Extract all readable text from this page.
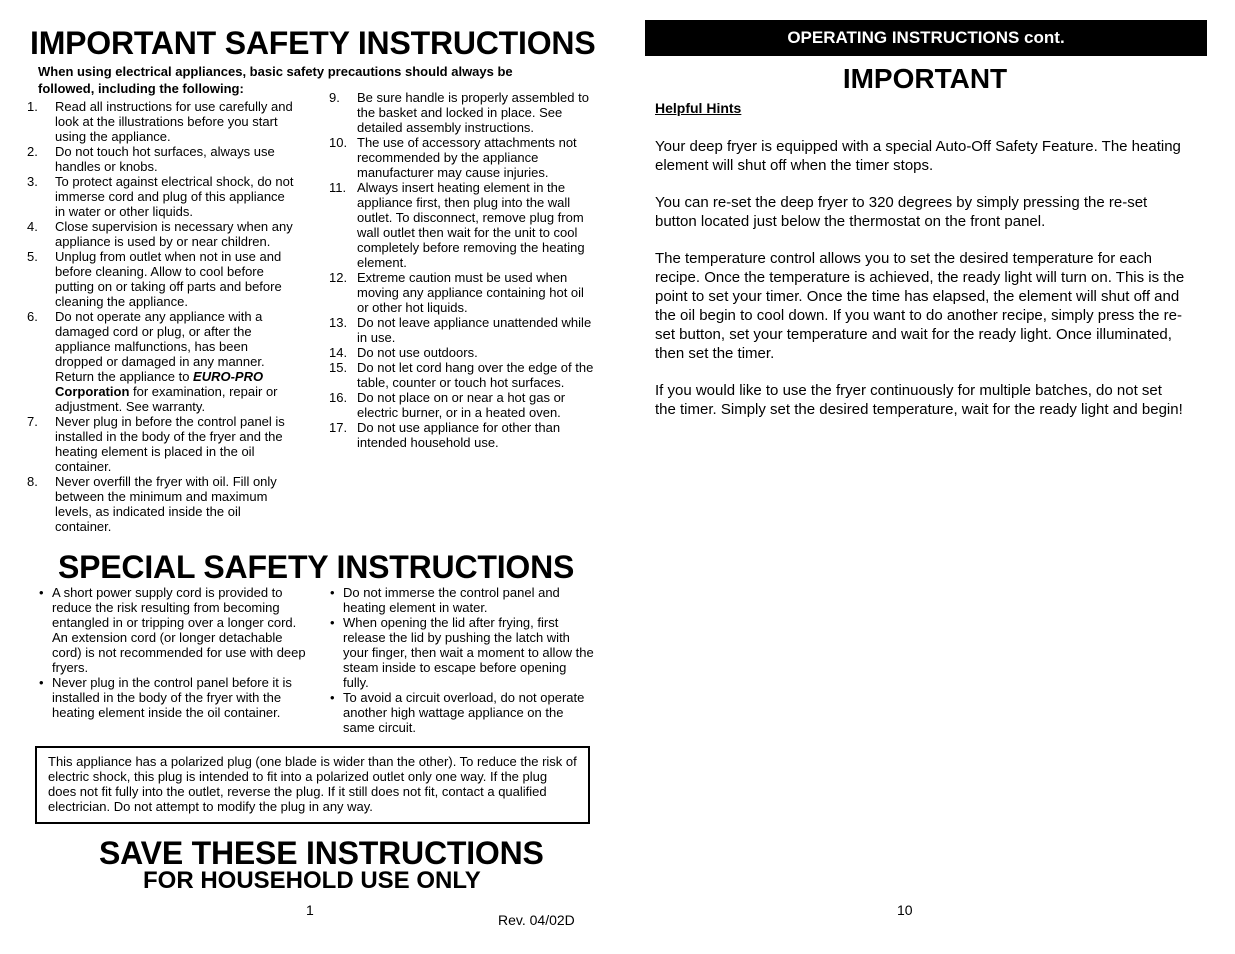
IMPORTANT SAFETY INSTRUCTIONS
When using electrical appliances, basic safety precautions should always be followed, including the following:
1. Read all instructions for use carefully and look at the illustrations before you start using the appliance.
2. Do not touch hot surfaces, always use handles or knobs.
3. To protect against electrical shock, do not immerse cord and plug of this appliance in water or other liquids.
4. Close supervision is necessary when any appliance is used by or near children.
5. Unplug from outlet when not in use and before cleaning. Allow to cool before putting on or taking off parts and before cleaning the appliance.
6. Do not operate any appliance with a damaged cord or plug, or after the appliance malfunctions, has been dropped or damaged in any manner. Return the appliance to EURO-PRO Corporation for examination, repair or adjustment. See warranty.
7. Never plug in before the control panel is installed in the body of the fryer and the heating element is placed in the oil container.
8. Never overfill the fryer with oil. Fill only between the minimum and maximum levels, as indicated inside the oil container.
9. Be sure handle is properly assembled to the basket and locked in place. See detailed assembly instructions.
10. The use of accessory attachments not recommended by the appliance manufacturer may cause injuries.
11. Always insert heating element in the appliance first, then plug into the wall outlet. To disconnect, remove plug from wall outlet then wait for the unit to cool completely before removing the heating element.
12. Extreme caution must be used when moving any appliance containing hot oil or other hot liquids.
13. Do not leave appliance unattended while in use.
14. Do not use outdoors.
15. Do not let cord hang over the edge of the table, counter or touch hot surfaces.
16. Do not place on or near a hot gas or electric burner, or in a heated oven.
17. Do not use appliance for other than intended household use.
SPECIAL SAFETY INSTRUCTIONS
• A short power supply cord is provided to reduce the risk resulting from becoming entangled in or tripping over a longer cord. An extension cord (or longer detachable cord) is not recommended for use with deep fryers.
• Never plug in the control panel before it is installed in the body of the fryer with the heating element inside the oil container.
• Do not immerse the control panel and heating element in water.
• When opening the lid after frying, first release the lid by pushing the latch with your finger, then wait a moment to allow the steam inside to escape before opening fully.
• To avoid a circuit overload, do not operate another high wattage appliance on the same circuit.
This appliance has a polarized plug (one blade is wider than the other). To reduce the risk of electric shock, this plug is intended to fit into a polarized outlet only one way. If the plug does not fit fully into the outlet, reverse the plug. If it still does not fit, contact a qualified electrician. Do not attempt to modify the plug in any way.
SAVE THESE INSTRUCTIONS
FOR HOUSEHOLD USE ONLY
1
Rev. 04/02D
OPERATING INSTRUCTIONS cont.
IMPORTANT
Helpful Hints

Your deep fryer is equipped with a special Auto-Off Safety Feature. The heating element will shut off when the timer stops.

You can re-set the deep fryer to 320 degrees by simply pressing the re-set button located just below the thermostat on the front panel.

The temperature control allows you to set the desired temperature for each recipe. Once the temperature is achieved, the ready light will turn on. This is the point to set your timer. Once the time has elapsed, the element will shut off and the oil begin to cool down. If you want to do another recipe, simply press the re-set button, set your temperature and wait for the ready light. Once illuminated, then set the timer.

If you would like to use the fryer continuously for multiple batches, do not set the timer. Simply set the desired temperature, wait for the ready light and begin!

10
